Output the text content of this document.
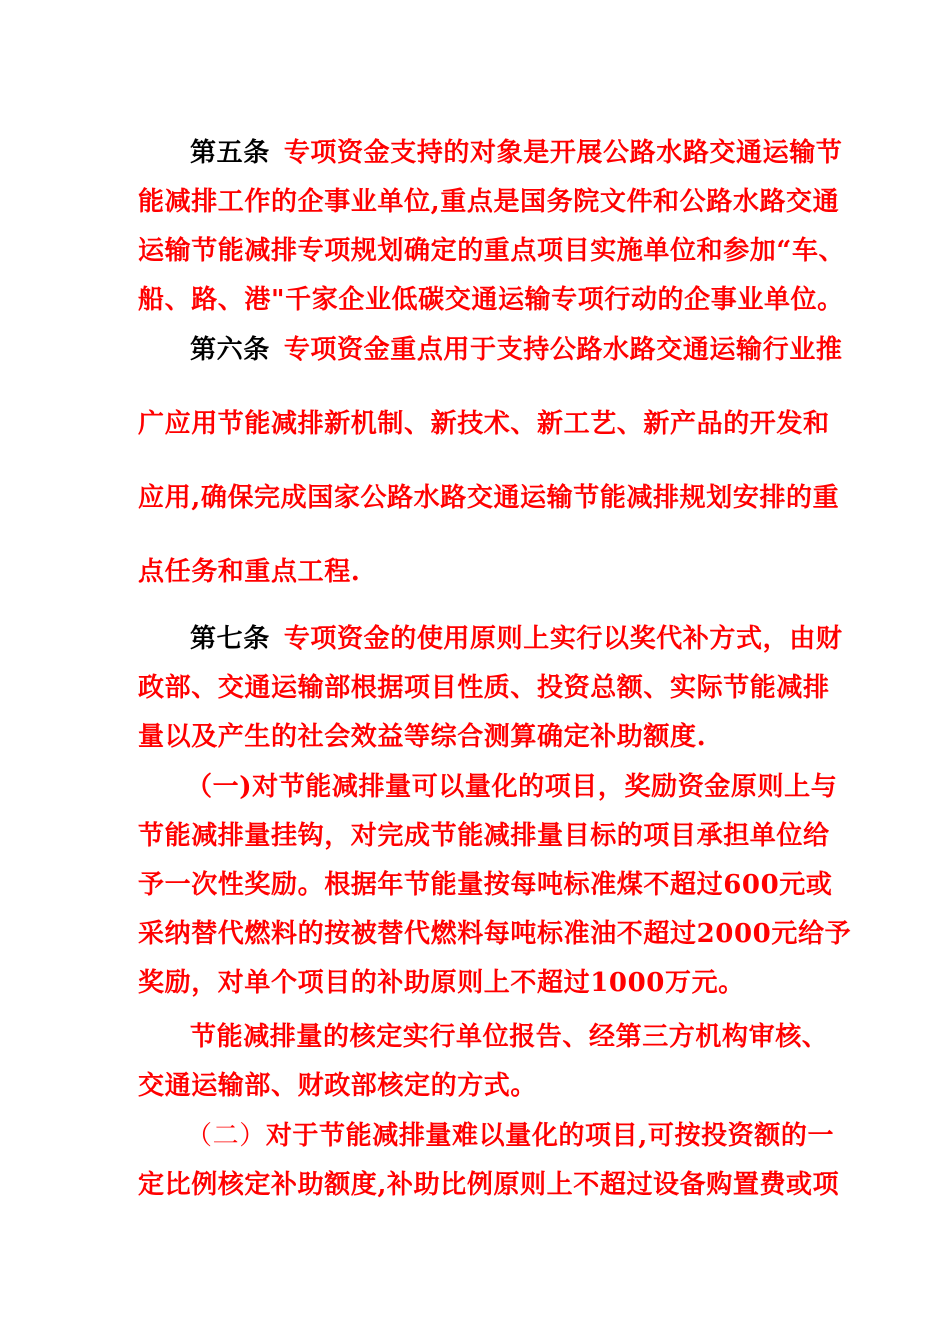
第五条 专项资金支持的对象是开展公路水路交通运输节
能减排工作的企事业单位,重点是国务院文件和公路水路交通
运输节能减排专项规划确定的重点项目实施单位和参加“车、
船、路、港"千家企业低碳交通运输专项行动的企事业单位。
第六条 专项资金重点用于支持公路水路交通运输行业推
广应用节能减排新机制、新技术、新工艺、新产品的开发和
应用,确保完成国家公路水路交通运输节能减排规划安排的重
点任务和重点工程.
第七条 专项资金的使用原则上实行以奖代补方式，由财
政部、交通运输部根据项目性质、投资总额、实际节能减排
量以及产生的社会效益等综合测算确定补助额度.
（一)对节能减排量可以量化的项目，奖励资金原则上与
节能减排量挂钩，对完成节能减排量目标的项目承担单位给
予一次性奖励。根据年节能量按每吨标准煤不超过600元或
采纳替代燃料的按被替代燃料每吨标准油不超过2000元给予
奖励，对单个项目的补助原则上不超过1000万元。
节能减排量的核定实行单位报告、经第三方机构审核、
交通运输部、财政部核定的方式。
（二）对于节能减排量难以量化的项目,可按投资额的一
定比例核定补助额度,补助比例原则上不超过设备购置费或项
